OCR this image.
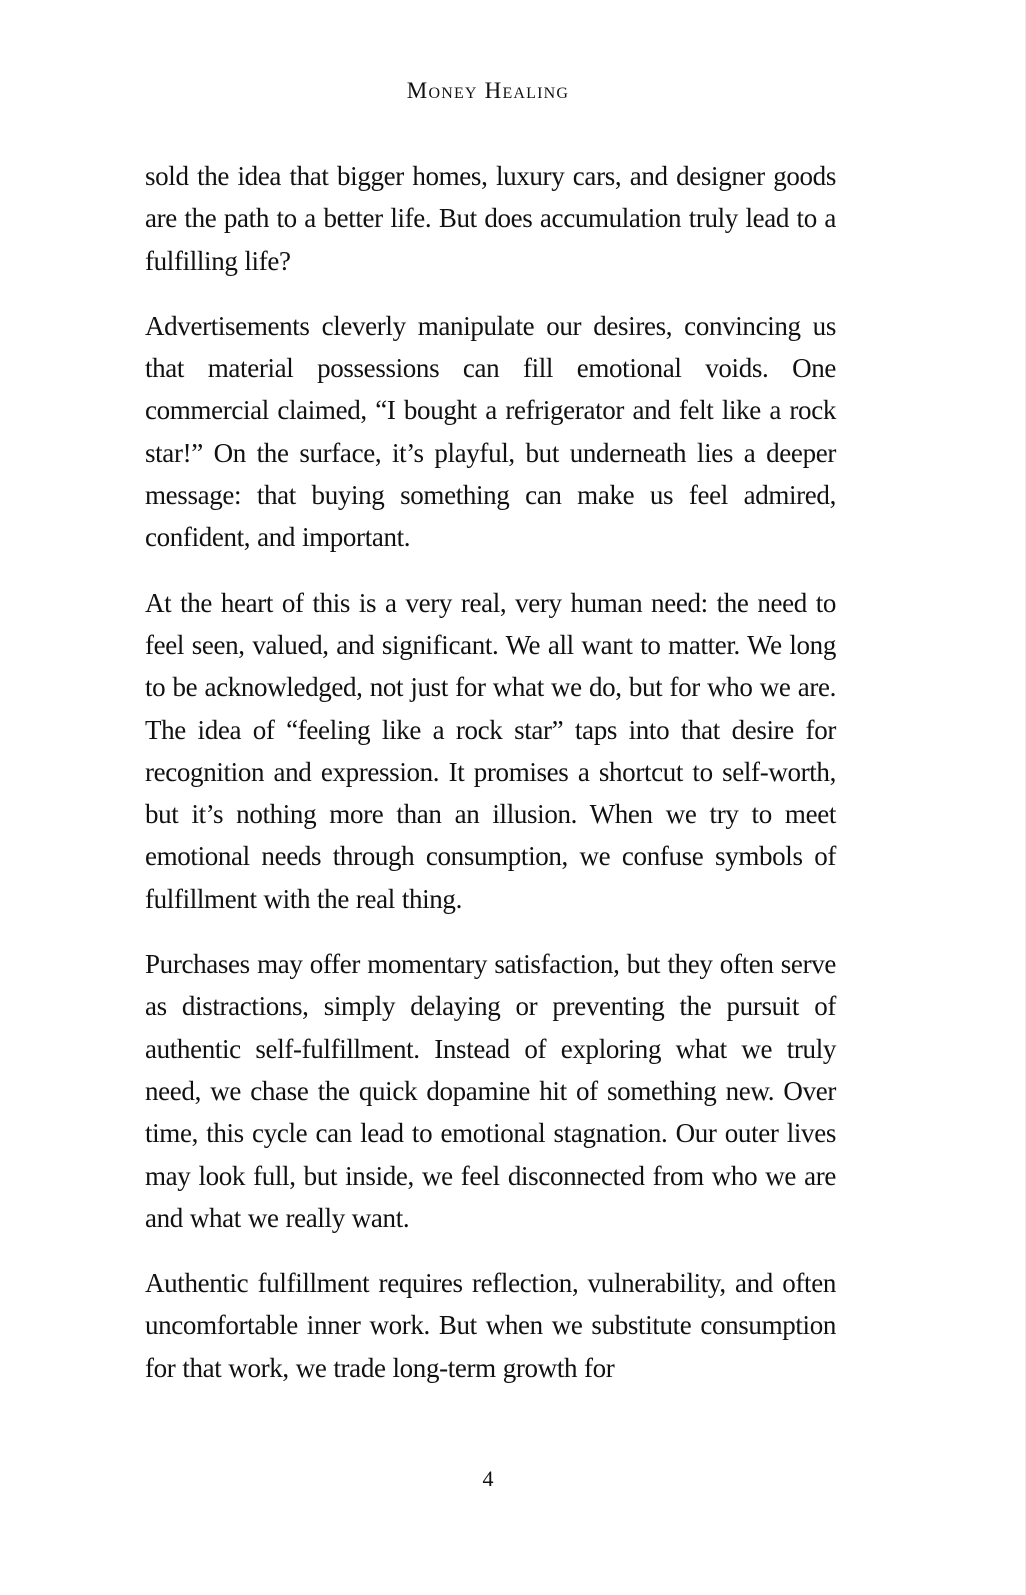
Money Healing

sold the idea that bigger homes, luxury cars, and designer goods are the path to a better life. But does accumulation truly lead to a fulfilling life?

Advertisements cleverly manipulate our desires, convincing us that material possessions can fill emotional voids. One commercial claimed, “I bought a refrigerator and felt like a rock star!” On the surface, it’s playful, but underneath lies a deeper message: that buying something can make us feel admired, confident, and important.

At the heart of this is a very real, very human need: the need to feel seen, valued, and significant. We all want to matter. We long to be acknowledged, not just for what we do, but for who we are. The idea of “feeling like a rock star” taps into that desire for recognition and expression. It promises a shortcut to self-worth, but it’s nothing more than an illusion. When we try to meet emotional needs through consumption, we confuse symbols of fulfillment with the real thing.

Purchases may offer momentary satisfaction, but they often serve as distractions, simply delaying or preventing the pursuit of authentic self-fulfillment. Instead of exploring what we truly need, we chase the quick dopamine hit of something new. Over time, this cycle can lead to emotional stagnation. Our outer lives may look full, but inside, we feel disconnected from who we are and what we really want.

Authentic fulfillment requires reflection, vulnerability, and often uncomfortable inner work. But when we substitute consumption for that work, we trade long-term growth for

4
